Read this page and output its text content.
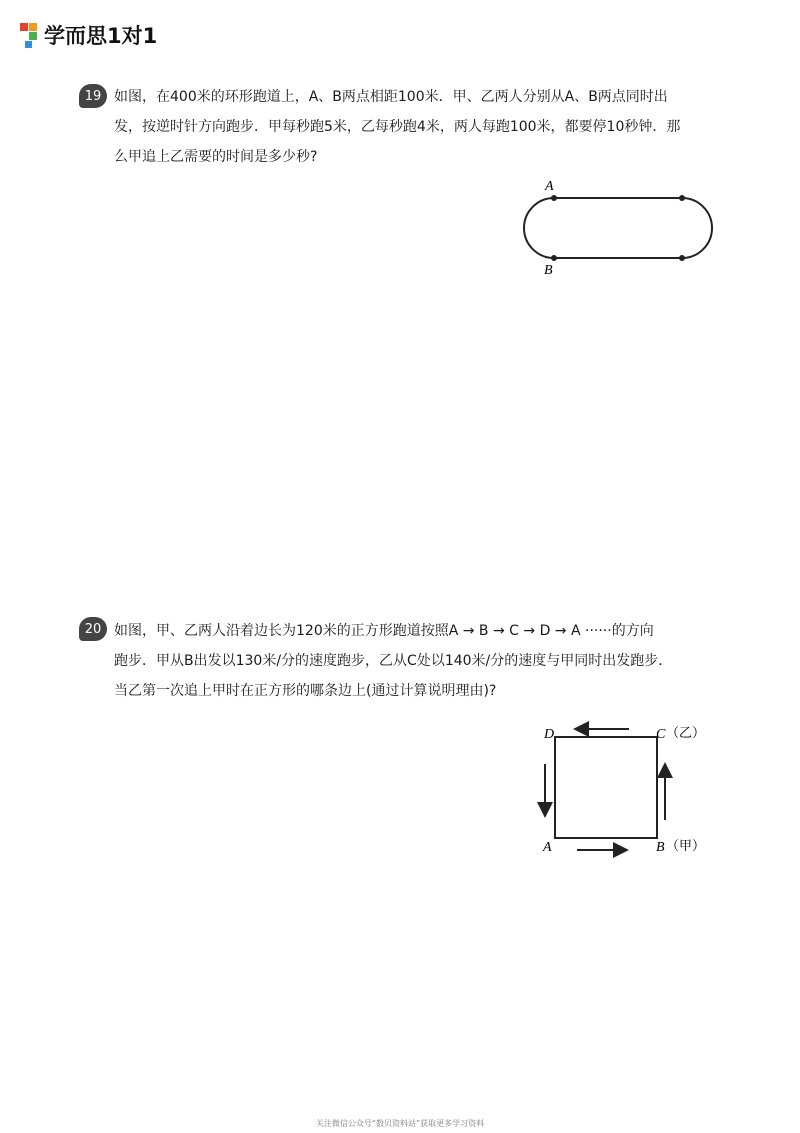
学而思1对1
19 如图，在400米的环形跑道上，A、B两点相距100米．甲、乙两人分别从A、B两点同时出

发，按逆时针方向跑步．甲每秒跑5米，乙每秒跑4米，两人每跑100米，都要停10秒钟．那

么甲追上乙需要的时间是多少秒?

A
B
20 如图，甲、乙两人沿着边长为120米的正方形跑道按照A → B → C → D → A ······的方向

跑步．甲从B出发以130米/分的速度跑步，乙从C处以140米/分的速度与甲同时出发跑步．

当乙第一次追上甲时在正方形的哪条边上(通过计算说明理由)?

D	C （乙）
A	B （甲）
关注微信公众号“数贝资料站”获取更多学习资料
